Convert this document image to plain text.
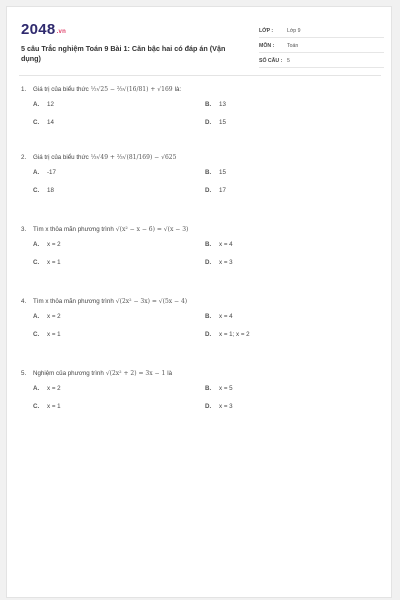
2048.vn
5 câu Trắc nghiệm Toán 9 Bài 1: Căn bậc hai có đáp án (Vận dụng)
LỚP :	Lớp 9
MÔN :	Toán
SỐ CÂU : 5
1.	Giá trị của biểu thức ½√25 − ⅔√(16/81) + √169 là:
A.	12	B.	13
C.	14	D.	15
2.	Giá trị của biểu thức ⅓√49 + ⅔√(81/169) − √625
A.	-17	B.	15
C.	18	D.	17
3.	Tìm x thỏa mãn phương trình √(x² − x − 6) = √(x − 3)
A.	x = 2	B.	x = 4
C.	x = 1	D.	x = 3
4.	Tìm x thỏa mãn phương trình √(2x² − 3x) = √(5x − 4)
A.	x = 2	B.	x = 4
C.	x = 1	D.	x = 1; x = 2
5.	Nghiệm của phương trình √(2x² + 2) = 3x − 1 là
A.	x = 2	B.	x = 5
C.	x = 1	D.	x = 3
